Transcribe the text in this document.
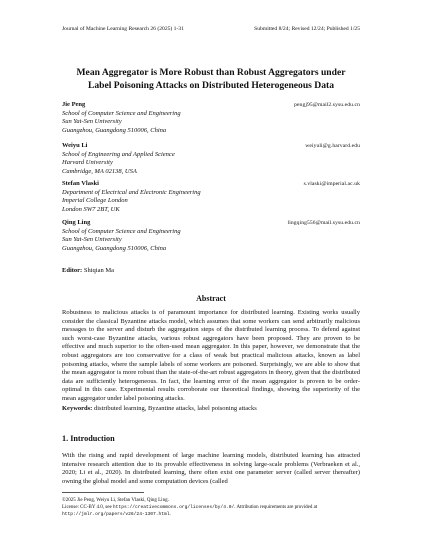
Journal of Machine Learning Research 26 (2025) 1-31	Submitted 8/24; Revised 12/24; Published 1/25
Mean Aggregator is More Robust than Robust Aggregators under
Label Poisoning Attacks on Distributed Heterogeneous Data
Jie Peng	pengj95@mail2.sysu.edu.cn
School of Computer Science and Engineering
Sun Yat-Sen University
Guangzhou, Guangdong 510006, China
Weiyu Li	weiyuli@g.harvard.edu
School of Engineering and Applied Science
Harvard University
Cambridge, MA 02138, USA
Stefan Vlaski	s.vlaski@imperial.ac.uk
Department of Electrical and Electronic Engineering
Imperial College London
London SW7 2BT, UK
Qing Ling	lingqing556@mail.sysu.edu.cn
School of Computer Science and Engineering
Sun Yat-Sen University
Guangzhou, Guangdong 510006, China
Editor: Shiqian Ma
Abstract
Robustness to malicious attacks is of paramount importance for distributed learning. Existing works usually consider the classical Byzantine attacks model, which assumes that some workers can send arbitrarily malicious messages to the server and disturb the aggregation steps of the distributed learning process. To defend against such worst-case Byzantine attacks, various robust aggregators have been proposed. They are proven to be effective and much superior to the often-used mean aggregator. In this paper, however, we demonstrate that the robust aggregators are too conservative for a class of weak but practical malicious attacks, known as label poisoning attacks, where the sample labels of some workers are poisoned. Surprisingly, we are able to show that the mean aggregator is more robust than the state-of-the-art robust aggregators in theory, given that the distributed data are sufficiently heterogeneous. In fact, the learning error of the mean aggregator is proven to be order-optimal in this case. Experimental results corroborate our theoretical findings, showing the superiority of the mean aggregator under label poisoning attacks.
Keywords: distributed learning, Byzantine attacks, label poisoning attacks
1. Introduction
With the rising and rapid development of large machine learning models, distributed learning has attracted intensive research attention due to its provable effectiveness in solving large-scale problems (Verbraeken et al., 2020; Li et al., 2020). In distributed learning, there often exist one parameter server (called server thereafter) owning the global model and some computation devices (called
©2025 Jie Peng, Weiyu Li, Stefan Vlaski, Qing Ling.
License: CC-BY 4.0, see https://creativecommons.org/licenses/by/4.0/. Attribution requirements are provided at
http://jmlr.org/papers/v26/24-1307.html.
